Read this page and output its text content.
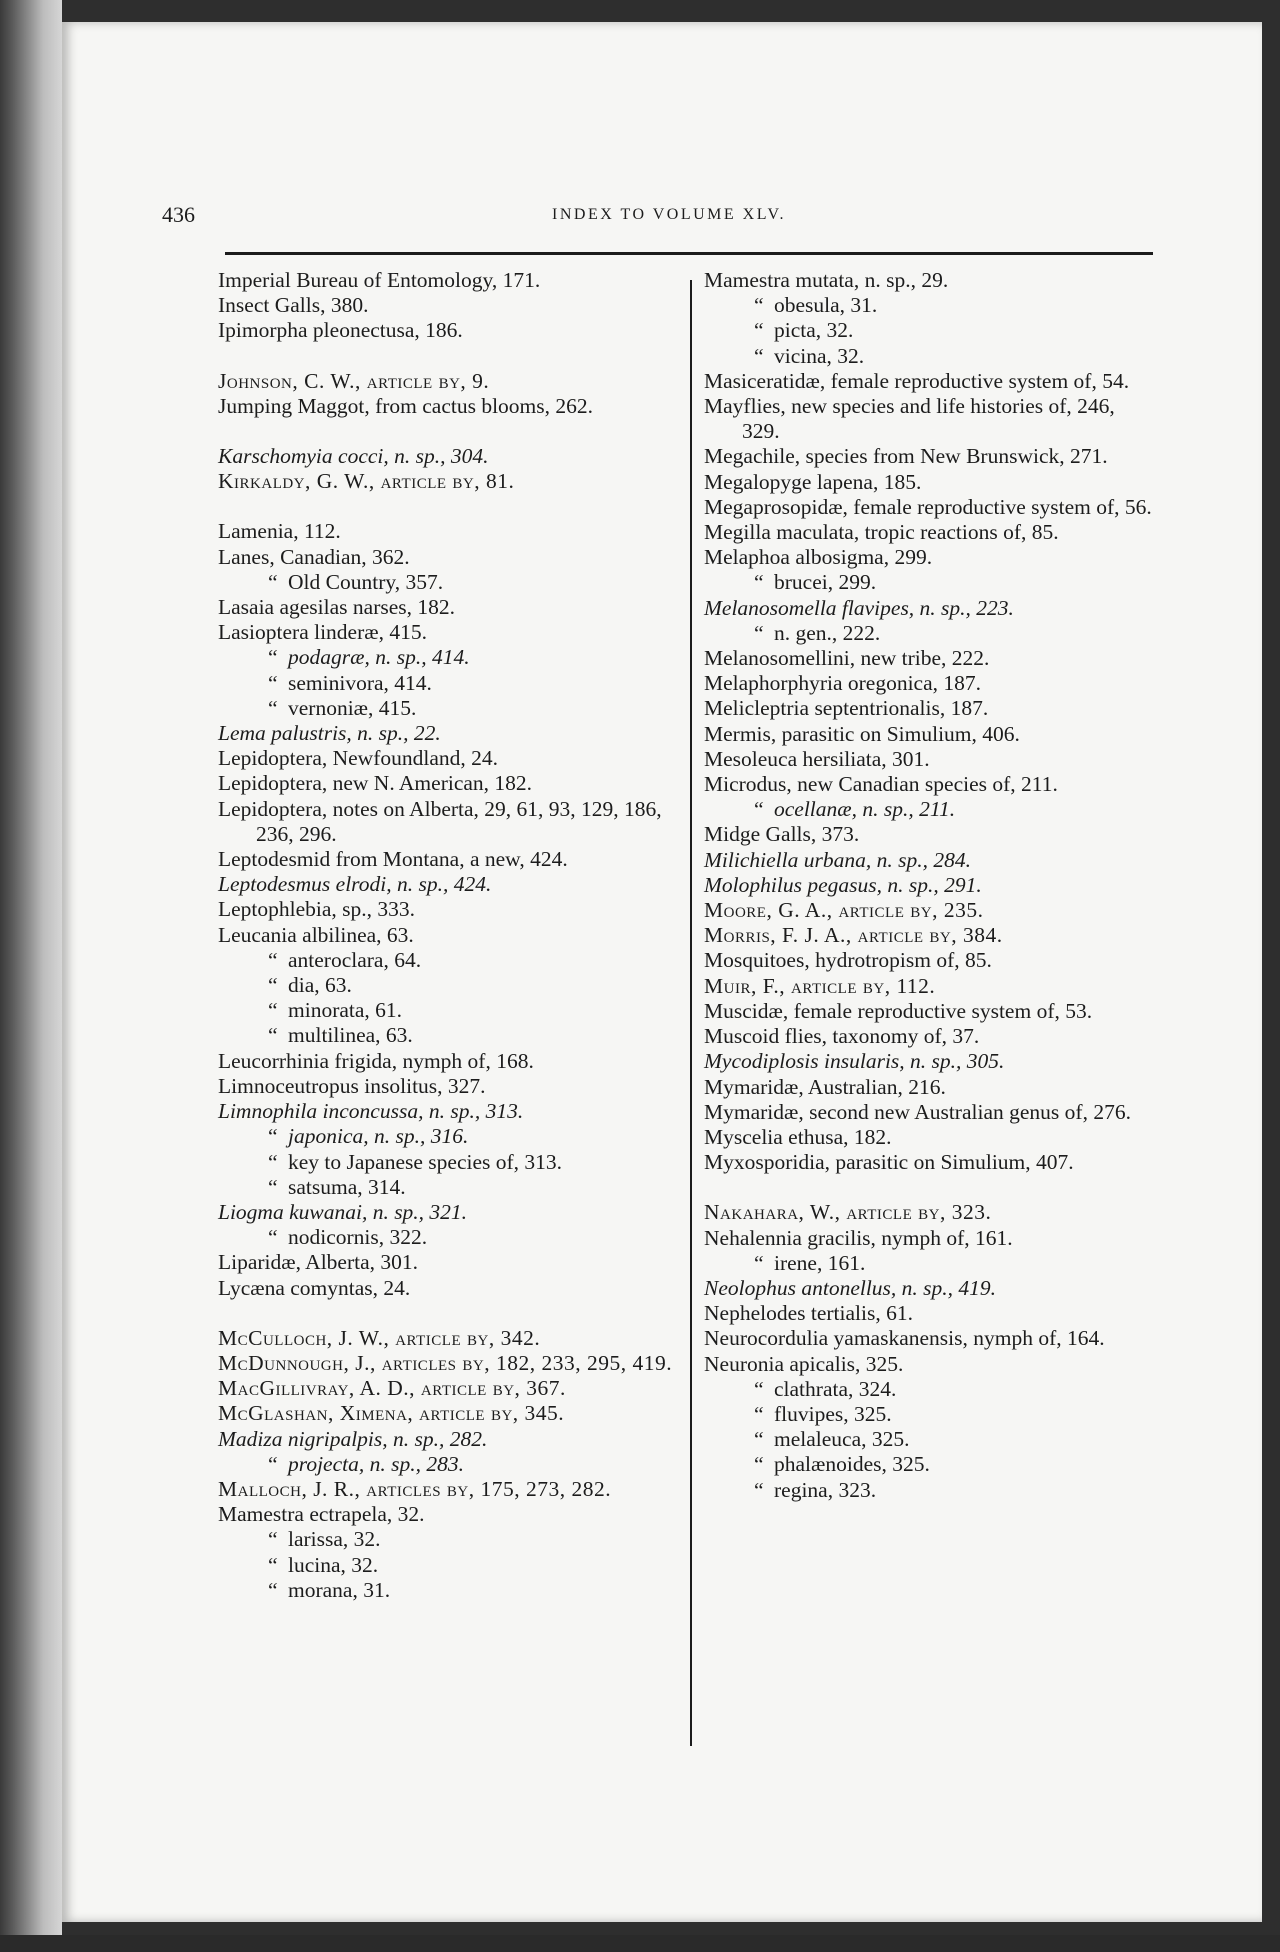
436	INDEX TO VOLUME XLV.
Imperial Bureau of Entomology, 171.
Insect Galls, 380.
Ipimorpha pleonectusa, 186.
Johnson, C. W., article by, 9.
Jumping Maggot, from cactus blooms, 262.
Karschomyia cocci, n. sp., 304.
Kirkaldy, G. W., article by, 81.
Lamenia, 112.
Lanes, Canadian, 362.
“ Old Country, 357.
Lasaia agesilas narses, 182.
Lasioptera linderæ, 415.
“ podagræ, n. sp., 414.
“ seminivora, 414.
“ vernoniæ, 415.
Lema palustris, n. sp., 22.
Lepidoptera, Newfoundland, 24.
Lepidoptera, new N. American, 182.
Lepidoptera, notes on Alberta, 29, 61, 93, 129, 186, 236, 296.
Leptodesmid from Montana, a new, 424.
Leptodesmus elrodi, n. sp., 424.
Leptophlebia, sp., 333.
Leucania albilinea, 63.
“ anteroclara, 64.
“ dia, 63.
“ minorata, 61.
“ multilinea, 63.
Leucorrhinia frigida, nymph of, 168.
Limnoceutropus insolitus, 327.
Limnophila inconcussa, n. sp., 313.
“ japonica, n. sp., 316.
“ key to Japanese species of, 313.
“ satsuma, 314.
Liogma kuwanai, n. sp., 321.
“ nodicornis, 322.
Liparidæ, Alberta, 301.
Lycæna comyntas, 24.
McCulloch, J. W., article by, 342.
McDunnough, J., articles by, 182, 233, 295, 419.
MacGillivray, A. D., article by, 367.
McGlashan, Ximena, article by, 345.
Madiza nigripalpis, n. sp., 282.
“ projecta, n. sp., 283.
Malloch, J. R., articles by, 175, 273, 282.
Mamestra ectrapela, 32.
“ larissa, 32.
“ lucina, 32.
“ morana, 31.
Mamestra mutata, n. sp., 29.
“ obesula, 31.
“ picta, 32.
“ vicina, 32.
Masiceratidæ, female reproductive system of, 54.
Mayflies, new species and life histories of, 246, 329.
Megachile, species from New Brunswick, 271.
Megalopyge lapena, 185.
Megaprosopidæ, female reproductive system of, 56.
Megilla maculata, tropic reactions of, 85.
Melaphoa albosigma, 299.
“ brucei, 299.
Melanosomella flavipes, n. sp., 223.
“ n. gen., 222.
Melanosomellini, new tribe, 222.
Melaphorphyria oregonica, 187.
Melicleptria septentrionalis, 187.
Mermis, parasitic on Simulium, 406.
Mesoleuca hersiliata, 301.
Microdus, new Canadian species of, 211.
“ ocellanæ, n. sp., 211.
Midge Galls, 373.
Milichiella urbana, n. sp., 284.
Molophilus pegasus, n. sp., 291.
Moore, G. A., article by, 235.
Morris, F. J. A., article by, 384.
Mosquitoes, hydrotropism of, 85.
Muir, F., article by, 112.
Muscidæ, female reproductive system of, 53.
Muscoid flies, taxonomy of, 37.
Mycodiplosis insularis, n. sp., 305.
Mymaridæ, Australian, 216.
Mymaridæ, second new Australian genus of, 276.
Myscelia ethusa, 182.
Myxosporidia, parasitic on Simulium, 407.
Nakahara, W., article by, 323.
Nehalennia gracilis, nymph of, 161.
“ irene, 161.
Neolophus antonellus, n. sp., 419.
Nephelodes tertialis, 61.
Neurocordulia yamaskanensis, nymph of, 164.
Neuronia apicalis, 325.
“ clathrata, 324.
“ fluvipes, 325.
“ melaleuca, 325.
“ phalænoides, 325.
“ regina, 323.
